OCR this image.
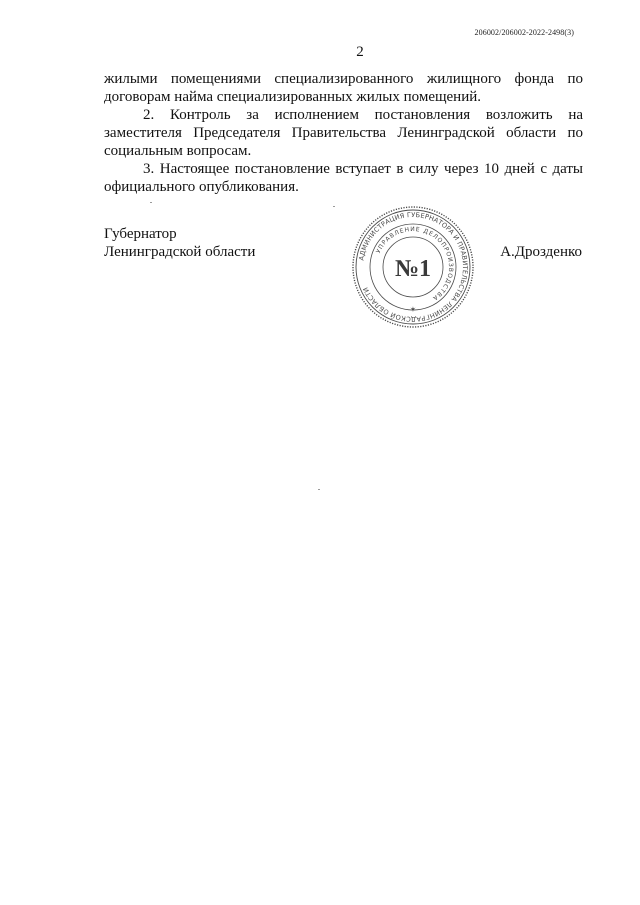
206002/206002-2022-2498(3)
2

жилыми помещениями специализированного жилищного фонда по договорам найма специализированных жилых помещений.

2. Контроль за исполнением постановления возложить на заместителя Председателя Правительства Ленинградской области по социальным вопросам.

3. Настоящее постановление вступает в силу через 10 дней с даты официального опубликования.

Губернатор
Ленинградской области	А.Дрозденко
АДМИНИСТРАЦИЯ ГУБЕРНАТОРА И ПРАВИТЕЛЬСТВА ЛЕНИНГРАДСКОЙ ОБЛАСТИ
УПРАВЛЕНИЕ ДЕЛОПРОИЗВОДСТВА
✶
№1
